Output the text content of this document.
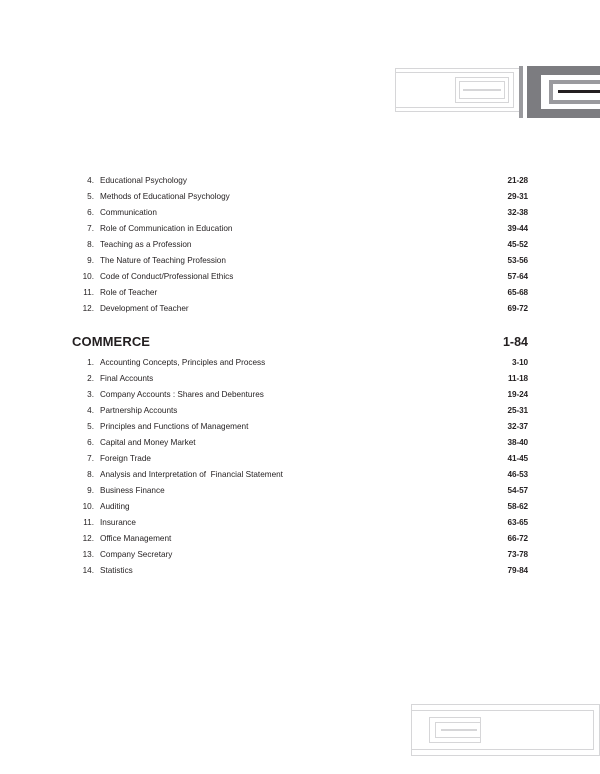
4. Educational Psychology	21-28
5. Methods of Educational Psychology	29-31
6. Communication	32-38
7. Role of Communication in Education	39-44
8. Teaching as a Profession	45-52
9. The Nature of Teaching Profession	53-56
10. Code of Conduct/Professional Ethics	57-64
11. Role of Teacher	65-68
12. Development of Teacher	69-72
COMMERCE	1-84
1. Accounting Concepts, Principles and Process	3-10
2. Final Accounts	11-18
3. Company Accounts : Shares and Debentures	19-24
4. Partnership Accounts	25-31
5. Principles and Functions of Management	32-37
6. Capital and Money Market	38-40
7. Foreign Trade	41-45
8. Analysis and Interpretation of  Financial Statement	46-53
9. Business Finance	54-57
10. Auditing	58-62
11. Insurance	63-65
12. Office Management	66-72
13. Company Secretary	73-78
14. Statistics	79-84
